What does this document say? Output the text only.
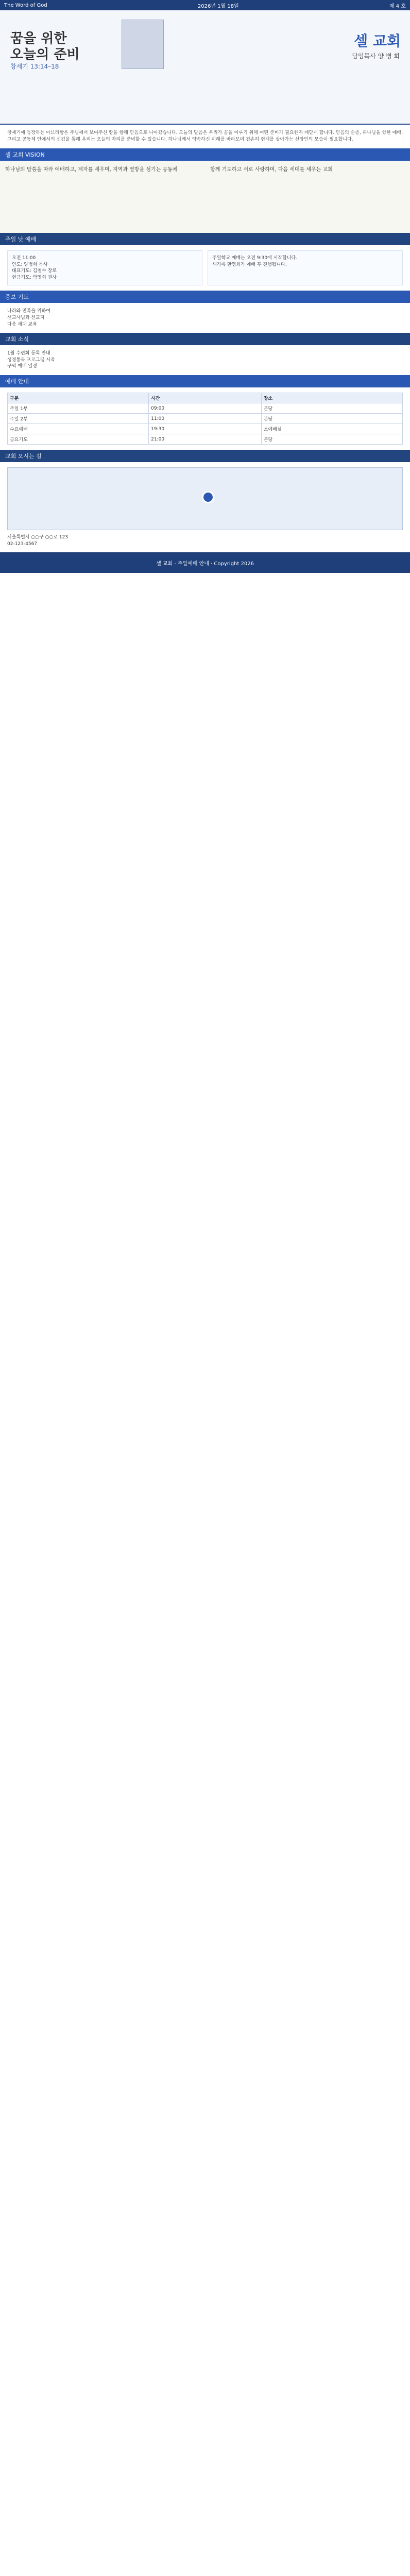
The Word of God	2026년 1월 18일	제 4 호
꿈을 위한
오늘의 준비
창세기 13:14–18
셀 교회
담임목사 양 병 희
창세기에 등장하는 아브라함은 주님께서 보여주신 땅을 향해 믿음으로 나아갔습니다. 오늘의 말씀은 우리가 꿈을 이루기 위해 어떤 준비가 필요한지 깨닫게 합니다. 믿음의 순종, 하나님을 향한 예배, 그리고 공동체 안에서의 섬김을 통해 우리는 오늘의 자리를 준비할 수 있습니다. 하나님께서 약속하신 미래를 바라보며 겸손히 현재를 살아가는 신앙인의 모습이 필요합니다.
셀 교회 VISION
하나님의 말씀을 따라 예배하고, 제자를 세우며, 지역과 열방을 섬기는 공동체	함께 기도하고 서로 사랑하며, 다음 세대를 세우는 교회
주일 낮 예배
오전 11:00
인도: 양병희 목사
대표기도: 김철수 장로
헌금기도: 박영희 권사
주일학교 예배는 오전 9:30에 시작합니다.
새가족 환영회가 예배 후 진행됩니다.
중보 기도
나라와 민족을 위하여
선교사님과 선교지
다음 세대 교육
교회 소식
1월 수련회 등록 안내
성경통독 프로그램 시작
구역 예배 일정
예배 안내
구분	시간	장소
주일 1부	09:00	본당
주일 2부	11:00	본당
수요예배	19:30	소예배실
금요기도	21:00	본당
교회 오시는 길
서울특별시 ○○구 ○○로 123
02-123-4567
셀 교회 · 주일예배 안내 · Copyright 2026
